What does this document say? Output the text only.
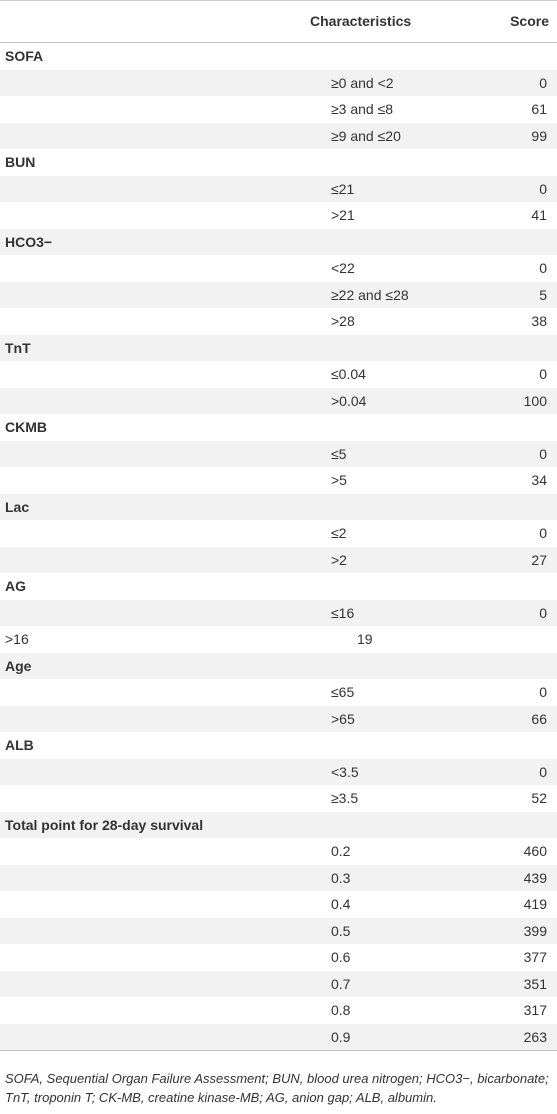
Characteristics	Score
SOFA
≥0 and <2	0
≥3 and ≤8	61
≥9 and ≤20	99
BUN
≤21	0
>21	41
HCO3−
<22	0
≥22 and ≤28	5
>28	38
TnT
≤0.04	0
>0.04	100
CKMB
≤5	0
>5	34
Lac
≤2	0
>2	27
AG
≤16	0
>16	19
Age
≤65	0
>65	66
ALB
<3.5	0
≥3.5	52
Total point for 28-day survival
0.2	460
0.3	439
0.4	419
0.5	399
0.6	377
0.7	351
0.8	317
0.9	263
SOFA, Sequential Organ Failure Assessment; BUN, blood urea nitrogen; HCO3−, bicarbonate; TnT, troponin T; CK-MB, creatine kinase-MB; AG, anion gap; ALB, albumin.
